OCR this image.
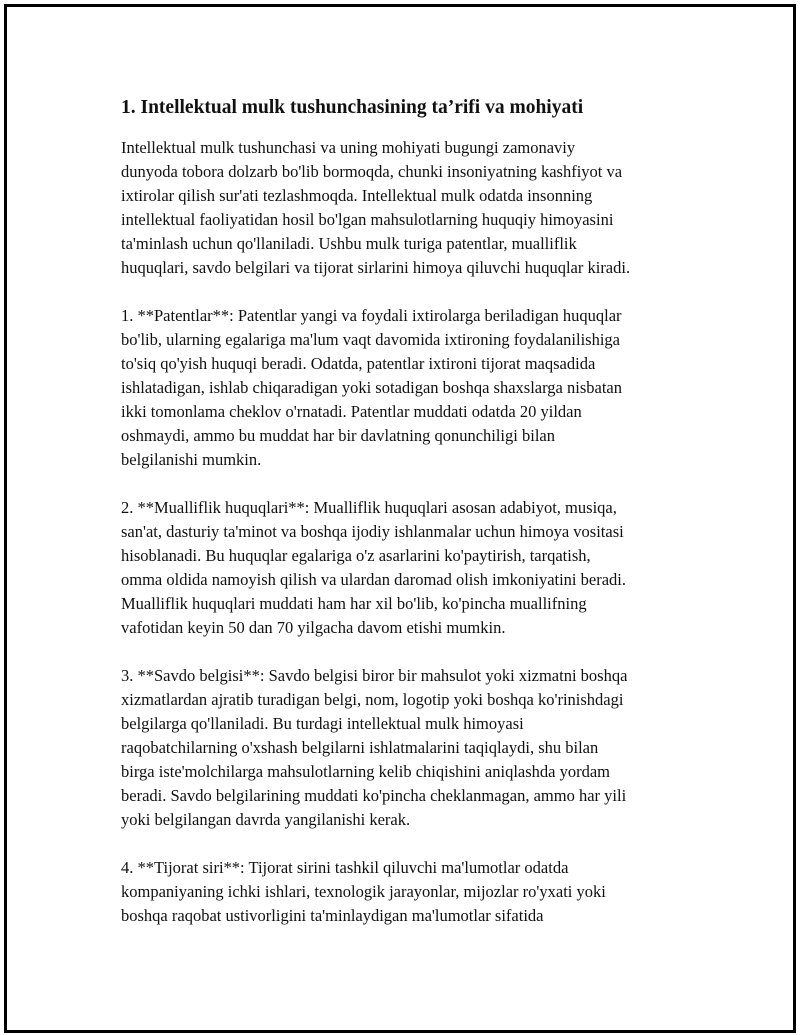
1. Intellektual mulk tushunchasining ta’rifi va mohiyati

Intellektual mulk tushunchasi va uning mohiyati bugungi zamonaviy
dunyoda tobora dolzarb bo'lib bormoqda, chunki insoniyatning kashfiyot va
ixtirolar qilish sur'ati tezlashmoqda. Intellektual mulk odatda insonning
intellektual faoliyatidan hosil bo'lgan mahsulotlarning huquqiy himoyasini
ta'minlash uchun qo'llaniladi. Ushbu mulk turiga patentlar, mualliflik
huquqlari, savdo belgilari va tijorat sirlarini himoya qiluvchi huquqlar kiradi.

1. **Patentlar**: Patentlar yangi va foydali ixtirolarga beriladigan huquqlar
bo'lib, ularning egalariga ma'lum vaqt davomida ixtironing foydalanilishiga
to'siq qo'yish huquqi beradi. Odatda, patentlar ixtironi tijorat maqsadida
ishlatadigan, ishlab chiqaradigan yoki sotadigan boshqa shaxslarga nisbatan
ikki tomonlama cheklov o'rnatadi. Patentlar muddati odatda 20 yildan
oshmaydi, ammo bu muddat har bir davlatning qonunchiligi bilan
belgilanishi mumkin.

2. **Mualliflik huquqlari**: Mualliflik huquqlari asosan adabiyot, musiqa,
san'at, dasturiy ta'minot va boshqa ijodiy ishlanmalar uchun himoya vositasi
hisoblanadi. Bu huquqlar egalariga o'z asarlarini ko'paytirish, tarqatish,
omma oldida namoyish qilish va ulardan daromad olish imkoniyatini beradi.
Mualliflik huquqlari muddati ham har xil bo'lib, ko'pincha muallifning
vafotidan keyin 50 dan 70 yilgacha davom etishi mumkin.

3. **Savdo belgisi**: Savdo belgisi biror bir mahsulot yoki xizmatni boshqa
xizmatlardan ajratib turadigan belgi, nom, logotip yoki boshqa ko'rinishdagi
belgilarga qo'llaniladi. Bu turdagi intellektual mulk himoyasi
raqobatchilarning o'xshash belgilarni ishlatmalarini taqiqlaydi, shu bilan
birga iste'molchilarga mahsulotlarning kelib chiqishini aniqlashda yordam
beradi. Savdo belgilarining muddati ko'pincha cheklanmagan, ammo har yili
yoki belgilangan davrda yangilanishi kerak.

4. **Tijorat siri**: Tijorat sirini tashkil qiluvchi ma'lumotlar odatda
kompaniyaning ichki ishlari, texnologik jarayonlar, mijozlar ro'yxati yoki
boshqa raqobat ustivorligini ta'minlaydigan ma'lumotlar sifatida
